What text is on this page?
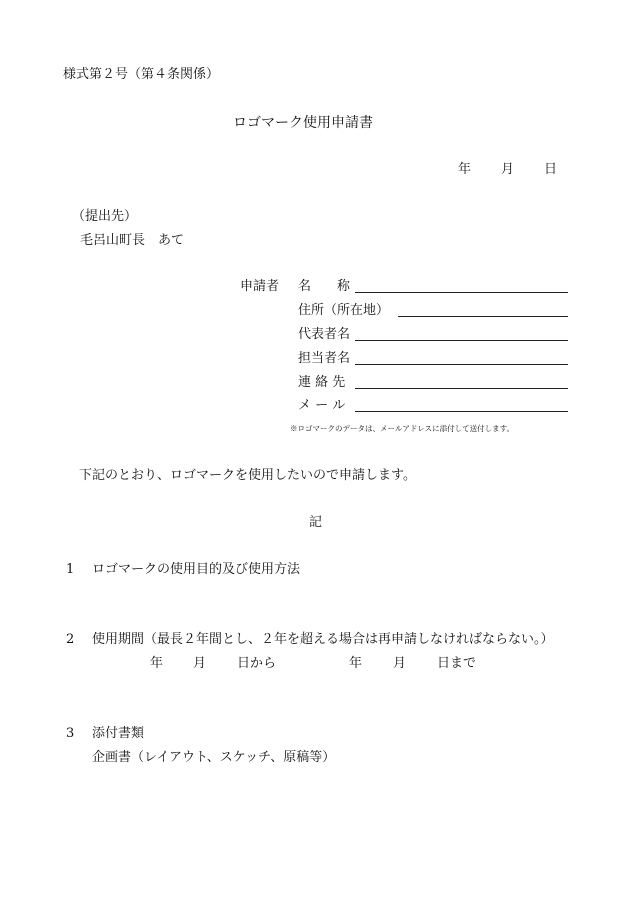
様式第２号（第４条関係）
ロゴマーク使用申請書
年 月 日
（提出先）
毛呂山町長　あて
申請者 名　　称
住所（所在地）
代表者名
担当者名
連 絡 先
メ ー ル
※ロゴマークのデータは、メールアドレスに添付して送付します。
下記のとおり、ロゴマークを使用したいので申請します。
記
1 ロゴマークの使用目的及び使用方法
2 使用期間（最長２年間とし、２年を超える場合は再申請しなければならない。）
年 月 日から	年 月 日まで
3 添付書類
企画書（レイアウト、スケッチ、原稿等）
